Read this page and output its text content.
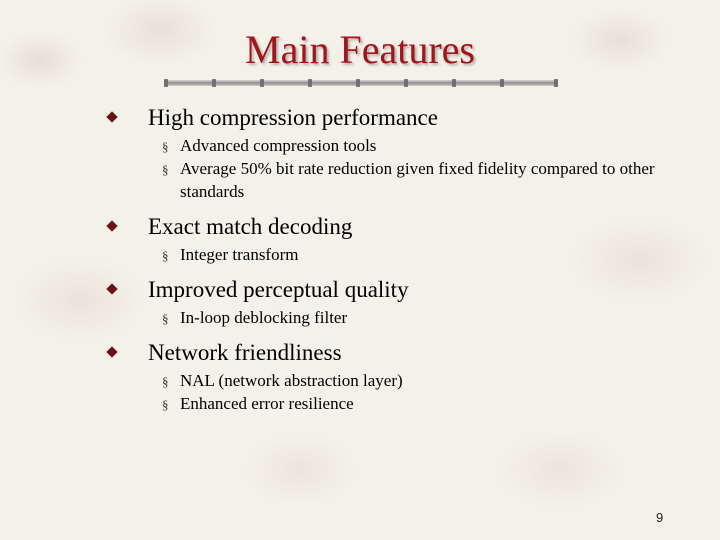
Main Features
High compression performance
§ Advanced compression tools
§ Average 50% bit rate reduction given fixed fidelity compared to other standards
Exact match decoding
§ Integer transform
Improved perceptual quality
§ In-loop deblocking filter
Network friendliness
§ NAL (network abstraction layer)
§ Enhanced error resilience
9
